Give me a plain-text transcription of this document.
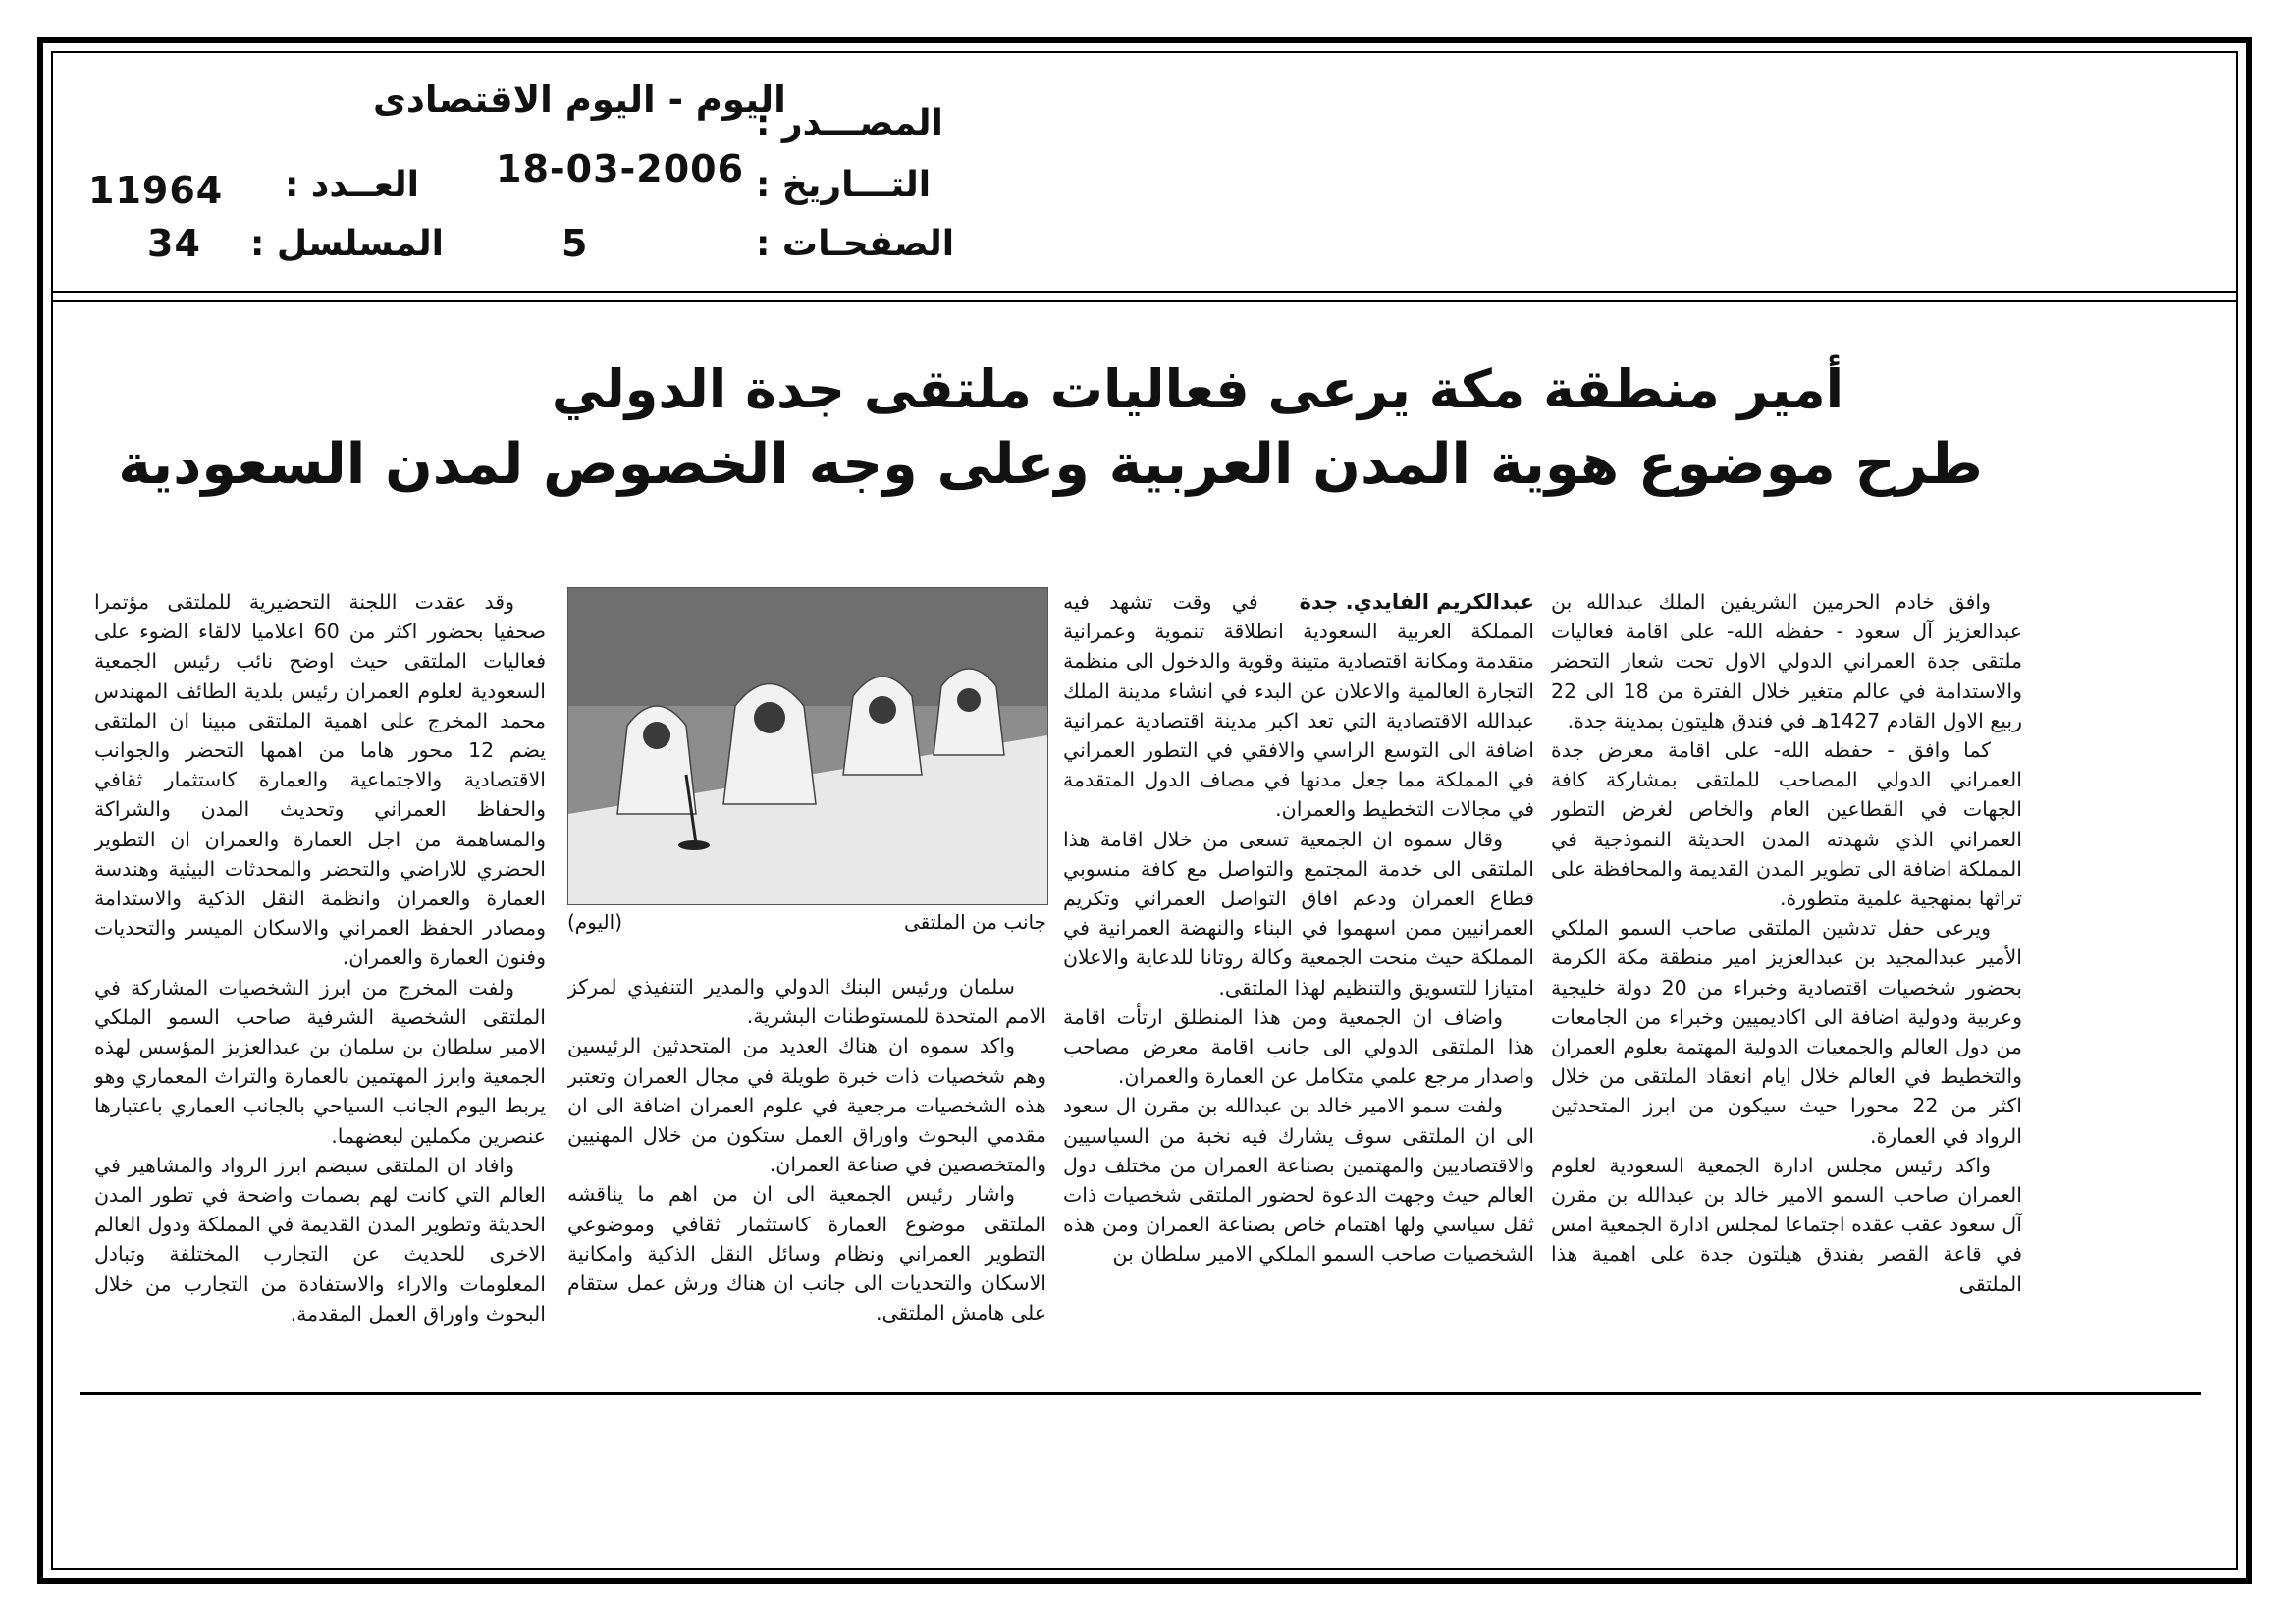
المصـــدر :
اليوم - اليوم الاقتصادى
التـــاريخ :
18-03-2006
العــدد :
11964
الصفحـات :
5
المسلسل :
34
أمير منطقة مكة يرعى فعاليات ملتقى جدة الدولي
طرح موضوع هوية المدن العربية وعلى وجه الخصوص لمدن السعودية

وافق خادم الحرمين الشريفين الملك عبدالله بن عبدالعزيز آل سعود - حفظه الله- على اقامة فعاليات ملتقى جدة العمراني الدولي الاول تحت شعار التحضر والاستدامة في عالم متغير خلال الفترة من 18 الى 22 ربيع الاول القادم 1427هـ في فندق هليتون بمدينة جدة.

كما وافق - حفظه الله- على اقامة معرض جدة العمراني الدولي المصاحب للملتقى بمشاركة كافة الجهات في القطاعين العام والخاص لغرض التطور العمراني الذي شهدته المدن الحديثة النموذجية في المملكة اضافة الى تطوير المدن القديمة والمحافظة على تراثها بمنهجية علمية متطورة.

ويرعى حفل تدشين الملتقى صاحب السمو الملكي الأمير عبدالمجيد بن عبدالعزيز امير منطقة مكة الكرمة بحضور شخصيات اقتصادية وخبراء من 20 دولة خليجية وعربية ودولية اضافة الى اكاديميين وخبراء من الجامعات من دول العالم والجمعيات الدولية المهتمة بعلوم العمران والتخطيط في العالم خلال ايام انعقاد الملتقى من خلال اكثر من 22 محورا حيث سيكون من ابرز المتحدثين الرواد في العمارة.

واكد رئيس مجلس ادارة الجمعية السعودية لعلوم العمران صاحب السمو الامير خالد بن عبدالله بن مقرن آل سعود عقب عقده اجتماعا لمجلس ادارة الجمعية امس في قاعة القصر بفندق هيلتون جدة على اهمية هذا الملتقى

عبدالكريم الفايدي. جدة

في وقت تشهد فيه المملكة العربية السعودية انطلاقة تنموية وعمرانية متقدمة ومكانة اقتصادية متينة وقوية والدخول الى منظمة التجارة العالمية والاعلان عن البدء في انشاء مدينة الملك عبدالله الاقتصادية التي تعد اكبر مدينة اقتصادية عمرانية اضافة الى التوسع الراسي والافقي في التطور العمراني في المملكة مما جعل مدنها في مصاف الدول المتقدمة في مجالات التخطيط والعمران.

وقال سموه ان الجمعية تسعى من خلال اقامة هذا الملتقى الى خدمة المجتمع والتواصل مع كافة منسوبي قطاع العمران ودعم افاق التواصل العمراني وتكريم العمرانيين ممن اسهموا في البناء والنهضة العمرانية في المملكة حيث منحت الجمعية وكالة روتانا للدعاية والاعلان امتيازا للتسويق والتنظيم لهذا الملتقى.

واضاف ان الجمعية ومن هذا المنطلق ارتأت اقامة هذا الملتقى الدولي الى جانب اقامة معرض مصاحب واصدار مرجع علمي متكامل عن العمارة والعمران.

ولفت سمو الامير خالد بن عبدالله بن مقرن ال سعود الى ان الملتقى سوف يشارك فيه نخبة من السياسيين والاقتصاديين والمهتمين بصناعة العمران من مختلف دول العالم حيث وجهت الدعوة لحضور الملتقى شخصيات ذات ثقل سياسي ولها اهتمام خاص بصناعة العمران ومن هذه الشخصيات صاحب السمو الملكي الامير سلطان بن

جانب من الملتقى
(اليوم)

سلمان ورئيس البنك الدولي والمدير التنفيذي لمركز الامم المتحدة للمستوطنات البشرية.

واكد سموه ان هناك العديد من المتحدثين الرئيسين وهم شخصيات ذات خبرة طويلة في مجال العمران وتعتبر هذه الشخصيات مرجعية في علوم العمران اضافة الى ان مقدمي البحوث واوراق العمل ستكون من خلال المهنيين والمتخصصين في صناعة العمران.

واشار رئيس الجمعية الى ان من اهم ما يناقشه الملتقى موضوع العمارة كاستثمار ثقافي وموضوعي التطوير العمراني ونظام وسائل النقل الذكية وامكانية الاسكان والتحديات الى جانب ان هناك ورش عمل ستقام على هامش الملتقى.

وقد عقدت اللجنة التحضيرية للملتقى مؤتمرا صحفيا بحضور اكثر من 60 اعلاميا لالقاء الضوء على فعاليات الملتقى حيث اوضح نائب رئيس الجمعية السعودية لعلوم العمران رئيس بلدية الطائف المهندس محمد المخرج على اهمية الملتقى مبينا ان الملتقى يضم 12 محور هاما من اهمها التحضر والجوانب الاقتصادية والاجتماعية والعمارة كاستثمار ثقافي والحفاظ العمراني وتحديث المدن والشراكة والمساهمة من اجل العمارة والعمران ان التطوير الحضري للاراضي والتحضر والمحدثات البيئية وهندسة العمارة والعمران وانظمة النقل الذكية والاستدامة ومصادر الحفظ العمراني والاسكان الميسر والتحديات وفنون العمارة والعمران.

ولفت المخرج من ابرز الشخصيات المشاركة في الملتقى الشخصية الشرفية صاحب السمو الملكي الامير سلطان بن سلمان بن عبدالعزيز المؤسس لهذه الجمعية وابرز المهتمين بالعمارة والتراث المعماري وهو يربط اليوم الجانب السياحي بالجانب العماري باعتبارها عنصرين مكملين لبعضهما.

وافاد ان الملتقى سيضم ابرز الرواد والمشاهير في العالم التي كانت لهم بصمات واضحة في تطور المدن الحديثة وتطوير المدن القديمة في المملكة ودول العالم الاخرى للحديث عن التجارب المختلفة وتبادل المعلومات والاراء والاستفادة من التجارب من خلال البحوث واوراق العمل المقدمة.
